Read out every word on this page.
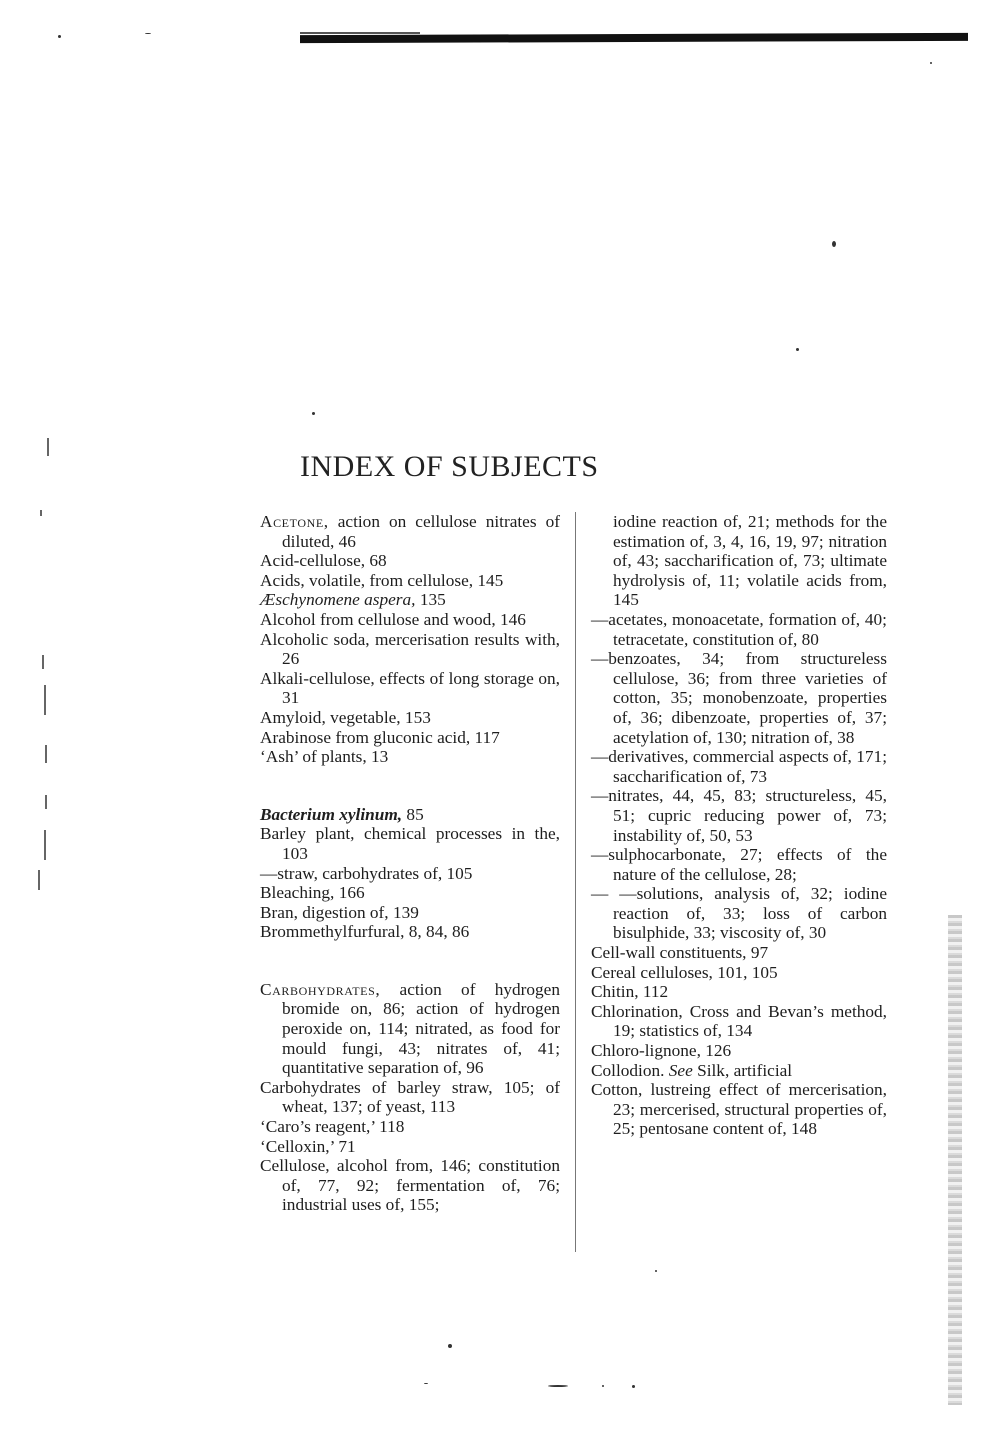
INDEX OF SUBJECTS

Acetone, action on cellulose nitrates of diluted, 46

Acid-cellulose, 68

Acids, volatile, from cellulose, 145

Æschynomene aspera, 135

Alcohol from cellulose and wood, 146

Alcoholic soda, mercerisation results with, 26

Alkali-cellulose, effects of long storage on, 31

Amyloid, vegetable, 153

Arabinose from gluconic acid, 117

‘Ash’ of plants, 13

Bacterium xylinum, 85

Barley plant, chemical processes in the, 103

—straw, carbohydrates of, 105

Bleaching, 166

Bran, digestion of, 139

Brommethylfurfural, 8, 84, 86

Carbohydrates, action of hydrogen bromide on, 86; action of hydrogen peroxide on, 114; nitrated, as food for mould fungi, 43; nitrates of, 41; quantitative separation of, 96

Carbohydrates of barley straw, 105; of wheat, 137; of yeast, 113

‘Caro’s reagent,’ 118

‘Celloxin,’ 71

Cellulose, alcohol from, 146; constitution of, 77, 92; fermentation of, 76; industrial uses of, 155;

iodine reaction of, 21; methods for the estimation of, 3, 4, 16, 19, 97; nitration of, 43; saccharification of, 73; ultimate hydrolysis of, 11; volatile acids from, 145

—acetates, monoacetate, formation of, 40; tetracetate, constitution of, 80

—benzoates, 34; from structureless cellulose, 36; from three varieties of cotton, 35; monobenzoate, properties of, 36; dibenzoate, properties of, 37; acetylation of, 130; nitration of, 38

—derivatives, commercial aspects of, 171; saccharification of, 73

—nitrates, 44, 45, 83; structureless, 45, 51; cupric reducing power of, 73; instability of, 50, 53

—sulphocarbonate, 27; effects of the nature of the cellulose, 28;

— —solutions, analysis of, 32; iodine reaction of, 33; loss of carbon bisulphide, 33; viscosity of, 30

Cell-wall constituents, 97

Cereal celluloses, 101, 105

Chitin, 112

Chlorination, Cross and Bevan’s method, 19; statistics of, 134

Chloro-lignone, 126

Collodion. See Silk, artificial

Cotton, lustreing effect of mercerisation, 23; mercerised, structural properties of, 25; pentosane content of, 148
